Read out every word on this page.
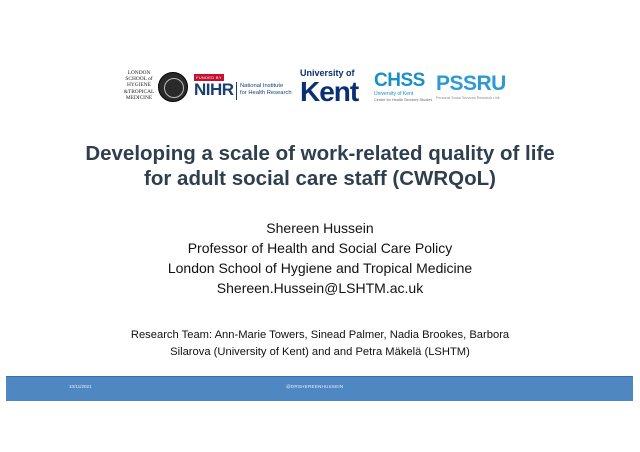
LONDON
SCHOOL of
HYGIENE
&TROPICAL
MEDICINE
FUNDED BY
NIHR National Institute
for Health Research
University of
Kent CHSS
University of Kent
Centre for Health Services Studies
PSSRU
Personal Social Services Research Unit
Developing a scale of work-related quality of life
for adult social care staff (CWRQoL)
Shereen Hussein
Professor of Health and Social Care Policy
London School of Hygiene and Tropical Medicine
Shereen.Hussein@LSHTM.ac.uk
Research Team: Ann-Marie Towers, Sinead Palmer, Nadia Brookes, Barbora
Silarova (University of Kent) and and Petra Mäkelä (LSHTM)
10/11/2021	@DRSHEREENHUSSEIN
